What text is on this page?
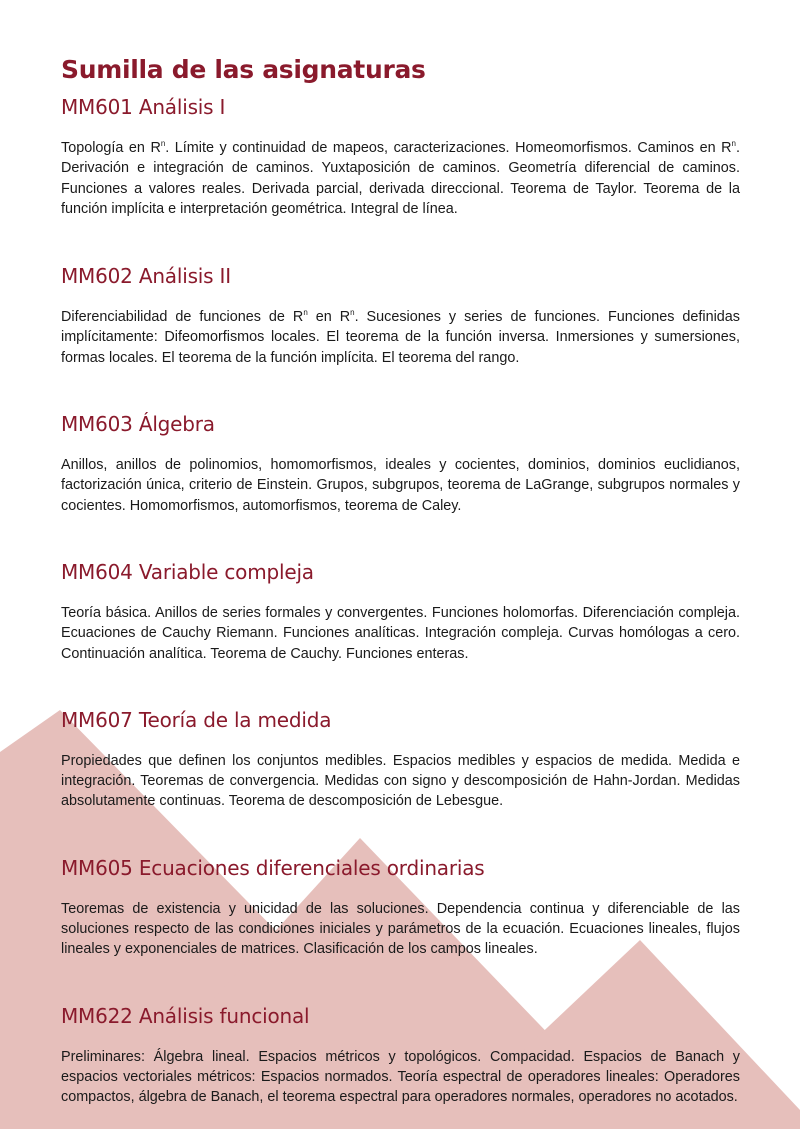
Sumilla de las asignaturas
MM601 Análisis I

Topología en $R^n$. Límite y continuidad de mapeos, caracterizaciones. Homeomorfismos. Caminos en $R^n$. Derivación e integración de caminos. Yuxtaposición de caminos. Geometría diferencial de caminos. Funciones a valores reales. Derivada parcial, derivada direccional. Teorema de Taylor. Teorema de la función implícita e interpretación geométrica. Integral de línea.

MM602 Análisis II

Diferenciabilidad de funciones de $R^n$ en $R^n$. Sucesiones y series de funciones. Funciones definidas implícitamente: Difeomorfismos locales. El teorema de la función inversa. Inmersiones y sumersiones, formas locales. El teorema de la función implícita. El teorema del rango.

MM603 Álgebra

Anillos, anillos de polinomios, homomorfismos, ideales y cocientes, dominios, dominios euclidianos, factorización única, criterio de Einstein. Grupos, subgrupos, teorema de LaGrange, subgrupos normales y cocientes. Homomorfismos, automorfismos, teorema de Caley.

MM604 Variable compleja

Teoría básica. Anillos de series formales y convergentes. Funciones holomorfas. Diferenciación compleja. Ecuaciones de Cauchy Riemann. Funciones analíticas. Integración compleja. Curvas homólogas a cero. Continuación analítica. Teorema de Cauchy. Funciones enteras.

MM607 Teoría de la medida

Propiedades que definen los conjuntos medibles. Espacios medibles y espacios de medida. Medida e integración. Teoremas de convergencia. Medidas con signo y descomposición de Hahn-Jordan. Medidas absolutamente continuas. Teorema de descomposición de Lebesgue.

MM605 Ecuaciones diferenciales ordinarias

Teoremas de existencia y unicidad de las soluciones. Dependencia continua y diferenciable de las soluciones respecto de las condiciones iniciales y parámetros de la ecuación. Ecuaciones lineales, flujos lineales y exponenciales de matrices. Clasificación de los campos lineales.

MM622 Análisis funcional

Preliminares: Álgebra lineal. Espacios métricos y topológicos. Compacidad. Espacios de Banach y espacios vectoriales métricos: Espacios normados. Teoría espectral de operadores lineales: Operadores compactos, álgebra de Banach, el teorema espectral para operadores normales, operadores no acotados.
